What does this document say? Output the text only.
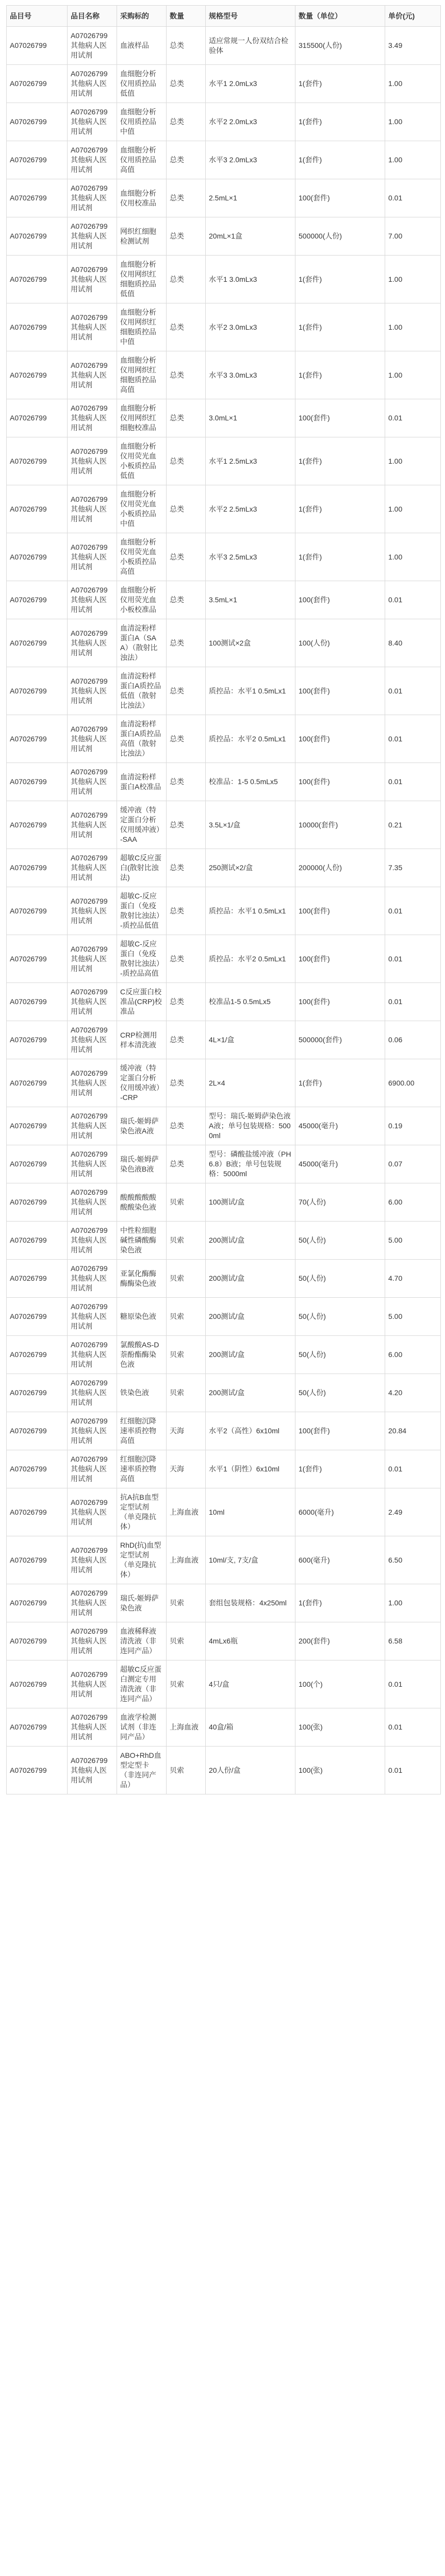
品目号	品目名称	采购标的	数量	规格型号	数量（单位）	单价(元)
A07026799	A07026799其他病人医用试剂	血液样品	总类	适应常规一人份双结合检验体	315500(人份)	3.49
A07026799	A07026799其他病人医用试剂	血细胞分析仪用质控品低值	总类	水平1 2.0mLx3	1(套件)	1.00
A07026799	A07026799其他病人医用试剂	血细胞分析仪用质控品中值	总类	水平2 2.0mLx3	1(套件)	1.00
A07026799	A07026799其他病人医用试剂	血细胞分析仪用质控品高值	总类	水平3 2.0mLx3	1(套件)	1.00
A07026799	A07026799其他病人医用试剂	血细胞分析仪用校准品	总类	2.5mL×1	100(套件)	0.01
A07026799	A07026799其他病人医用试剂	网织红细胞检测试剂	总类	20mL×1盒	500000(人份)	7.00
A07026799	A07026799其他病人医用试剂	血细胞分析仪用网织红细胞质控品低值	总类	水平1 3.0mLx3	1(套件)	1.00
A07026799	A07026799其他病人医用试剂	血细胞分析仪用网织红细胞质控品中值	总类	水平2 3.0mLx3	1(套件)	1.00
A07026799	A07026799其他病人医用试剂	血细胞分析仪用网织红细胞质控品高值	总类	水平3 3.0mLx3	1(套件)	1.00
A07026799	A07026799其他病人医用试剂	血细胞分析仪用网织红细胞校准品	总类	3.0mL×1	100(套件)	0.01
A07026799	A07026799其他病人医用试剂	血细胞分析仪用荧光血小板质控品低值	总类	水平1 2.5mLx3	1(套件)	1.00
A07026799	A07026799其他病人医用试剂	血细胞分析仪用荧光血小板质控品中值	总类	水平2 2.5mLx3	1(套件)	1.00
A07026799	A07026799其他病人医用试剂	血细胞分析仪用荧光血小板质控品高值	总类	水平3 2.5mLx3	1(套件)	1.00
A07026799	A07026799其他病人医用试剂	血细胞分析仪用荧光血小板校准品	总类	3.5mL×1	100(套件)	0.01
A07026799	A07026799其他病人医用试剂	血清淀粉样蛋白A（SAA）（散射比浊法）	总类	100测试×2盒	100(人份)	8.40
A07026799	A07026799其他病人医用试剂	血清淀粉样蛋白A质控品低值（散射比浊法）	总类	质控品：水平1 0.5mLx1	100(套件)	0.01
A07026799	A07026799其他病人医用试剂	血清淀粉样蛋白A质控品高值（散射比浊法）	总类	质控品：水平2 0.5mLx1	100(套件)	0.01
A07026799	A07026799其他病人医用试剂	血清淀粉样蛋白A校准品	总类	校准品：1-5 0.5mLx5	100(套件)	0.01
A07026799	A07026799其他病人医用试剂	缓冲液（特定蛋白分析仪用缓冲液）-SAA	总类	3.5L×1/盒	10000(套件)	0.21
A07026799	A07026799其他病人医用试剂	超敏C反应蛋白(散射比浊法)	总类	250测试×2/盒	200000(人份)	7.35
A07026799	A07026799其他病人医用试剂	超敏C-反应蛋白（免疫散射比浊法）-质控品低值	总类	质控品：水平1 0.5mLx1	100(套件)	0.01
A07026799	A07026799其他病人医用试剂	超敏C-反应蛋白（免疫散射比浊法）-质控品高值	总类	质控品：水平2 0.5mLx1	100(套件)	0.01
A07026799	A07026799其他病人医用试剂	C反应蛋白校准品(CRP)校准品	总类	校准品1-5 0.5mLx5	100(套件)	0.01
A07026799	A07026799其他病人医用试剂	CRP检测用样本清洗液	总类	4L×1/盒	500000(套件)	0.06
A07026799	A07026799其他病人医用试剂	缓冲液（特定蛋白分析仪用缓冲液）-CRP	总类	2L×4	1(套件)	6900.00
A07026799	A07026799其他病人医用试剂	瑞氏-姬姆萨染色液A液	总类	型号：瑞氏-姬姆萨染色液A液；单号包装规格：5000ml	45000(毫升)	0.19
A07026799	A07026799其他病人医用试剂	瑞氏-姬姆萨染色液B液	总类	型号：磷酸盐缓冲液（PH 6.8）B液；单号包装规格：5000ml	45000(毫升)	0.07
A07026799	A07026799其他病人医用试剂	酸酸酸酸酸酸酸染色液	贝索	100测试/盒	70(人份)	6.00
A07026799	A07026799其他病人医用试剂	中性粒细胞碱性磷酸酶染色液	贝索	200测试/盒	50(人份)	5.00
A07026799	A07026799其他病人医用试剂	亚氯化酶酶酶酶染色液	贝索	200测试/盒	50(人份)	4.70
A07026799	A07026799其他病人医用试剂	糖原染色液	贝索	200测试/盒	50(人份)	5.00
A07026799	A07026799其他病人医用试剂	氯酸酸AS-D萘酚酯酶染色液	贝索	200测试/盒	50(人份)	6.00
A07026799	A07026799其他病人医用试剂	铁染色液	贝索	200测试/盒	50(人份)	4.20
A07026799	A07026799其他病人医用试剂	红细胞沉降速率质控物高值	天海	水平2（高性）6x10ml	100(套件)	20.84
A07026799	A07026799其他病人医用试剂	红细胞沉降速率质控物高值	天海	水平1（阴性）6x10ml	1(套件)	0.01
A07026799	A07026799其他病人医用试剂	抗A抗B血型定型试剂（单克隆抗体）	上海血液	10ml	6000(毫升)	2.49
A07026799	A07026799其他病人医用试剂	RhD(抗)血型定型试剂（单克隆抗体）	上海血液	10ml/支, 7支/盒	600(毫升)	6.50
A07026799	A07026799其他病人医用试剂	瑞氏-姬姆萨染色液	贝索	套组包装规格：4x250ml	1(套件)	1.00
A07026799	A07026799其他病人医用试剂	血液稀释液清洗液（非连同产品）	贝索	4mLx6瓶	200(套件)	6.58
A07026799	A07026799其他病人医用试剂	超敏C反应蛋白测定专用清洗液（非连同产品）	贝索	4只/盒	100(个)	0.01
A07026799	A07026799其他病人医用试剂	血液学检测试剂（非连同产品）	上海血液	40盒/箱	100(张)	0.01
A07026799	A07026799其他病人医用试剂	ABO+RhD血型定型卡（非连同产品）	贝索	20人份/盒	100(张)	0.01
